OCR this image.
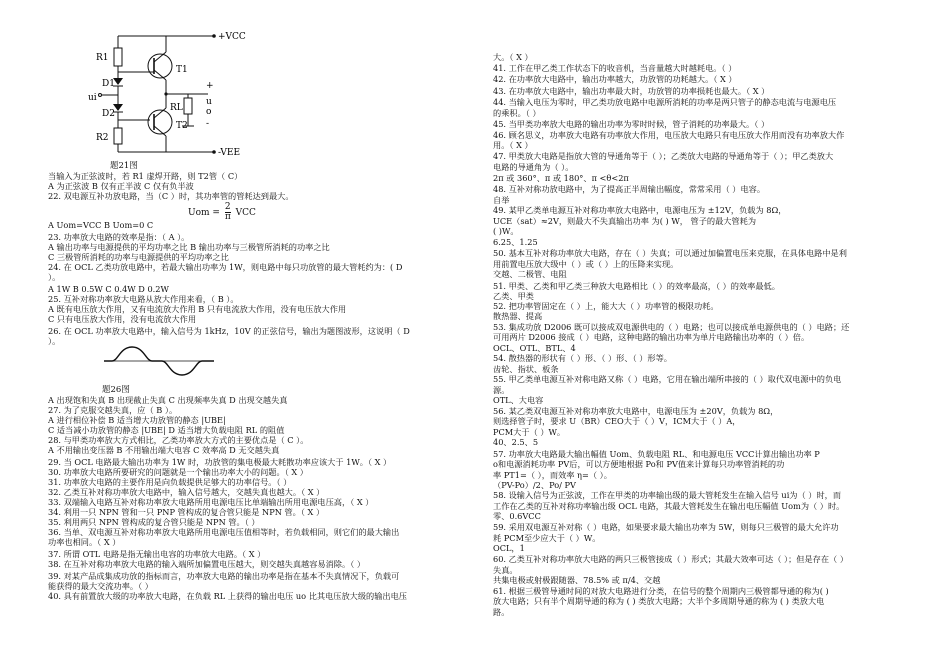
+VCC
-VEE
R1
R2
D1
D2
T1
T2
RL
ui
+
u
o
-
题21图
Uom = $\frac{2}{\pi}$ VCC
题26图
当输入为正弦波时，若 R1 虚焊开路，则 T2管（ C）
A 为正弦波 B 仅有正半波 C 仅有负半波
22. 双电源互补功放电路，当（C ）时，其功率管的管耗达到最大。
A Uom=VCC B Uom=0 C
23. 功率放大电路的效率是指：（ A ）。
A 输出功率与电源提供的平均功率之比 B 输出功率与三极管所消耗的功率之比
C 三极管所消耗的功率与电源提供的平均功率之比
24. 在 OCL 乙类功放电路中，若最大输出功率为 1W，则电路中每只功放管的最大管耗约为：( D
）。
A 1W B 0.5W C 0.4W D 0.2W
25. 互补对称功率放大电路从放大作用来看，（ B ）。
A 既有电压放大作用，又有电流放大作用 B 只有电流放大作用，没有电压放大作用
C 只有电压放大作用，没有电流放大作用
26. 在 OCL 功率放大电路中，输入信号为 1kHz，10V 的正弦信号，输出为题图波形，这说明（ D
）。
A 出现饱和失真 B 出现截止失真 C 出现频率失真 D 出现交越失真
27. 为了克服交越失真，应（ B ）。
A 进行相位补偿 B 适当增大功放管的静态 |UBE|
C 适当减小功放管的静态 |UBE| D 适当增大负载电阻 RL 的阻值
28. 与甲类功率放大方式相比，乙类功率放大方式的主要优点是（ C ）。
A 不用输出变压器 B 不用输出端大电容 C 效率高 D 无交越失真
29. 当 OCL 电路最大输出功率为 1W 时，功放管的集电极最大耗散功率应该大于 1W。（ X ）
30. 功率放大电路所要研究的问题就是一个输出功率大小的问题。（ X ）
31. 功率放大电路的主要作用是向负载提供足够大的功率信号。（ ）
32. 乙类互补对称功率放大电路中，输入信号越大，交越失真也越大。（ X ）
33. 双端输入电路互补对称功率放大电路所用电源电压比单端输出所用电源电压高，（ X ）
34. 利用一只 NPN 管和一只 PNP 管构成的复合管只能是 NPN 管。（ X ）
35. 利用两只 NPN 管构成的复合管只能是 NPN 管。（ ）
36. 当单、双电源互补对称功率放大电路所用电源电压值相等时，若负载相同，则它们的最大输出
功率也相同。（ X ）
37. 所谓 OTL 电路是指无输出电容的功率放大电路。（ X ）
38. 在互补对称功率放大电路的输入端所加偏置电压越大，则交越失真越容易消除。（ ）
39. 对某产品成集成功放的指标而言，功率放大电路的输出功率是指在基本不失真情况下，负载可
能获得的最大交流功率。（ ）
40. 具有前置放大级的功率放大电路，在负载 RL 上获得的输出电压 uo 比其电压放大级的输出电压
大。（ X ）
41. 工作在甲乙类工作状态下的收音机，当音量越大时越耗电。（ ）
42. 在功率放大电路中，输出功率越大，功放管的功耗越大。（ X ）
43. 在功率放大电路中，输出功率最大时，功放管的功率损耗也最大。（ X ）
44. 当输入电压为零时，甲乙类功放电路中电源所消耗的功率是两只管子的静态电流与电源电压
的乘积。（ ）
45. 当甲类功率放大电路的输出功率为零时时候，管子消耗的功率最大。（ ）
46. 顾名思义，功率放大电路有功率放大作用，电压放大电路只有电压放大作用而没有功率放大作
用。（ X ）
47. 甲类放大电路是指放大管的导通角等于（ ）；乙类放大电路的导通角等于（ ）；甲乙类放大
电路的导通角为（ ）。
2π 或 360°、π 或 180°、π <θ<2π
48. 互补对称功放电路中，为了提高正半周输出幅度，常常采用（ ）电容。
自举
49. 某甲乙类单电源互补对称功率放大电路中，电源电压为 ±12V，负载为 8Ω，
UCE（sat）≈2V，则最大不失真输出功率 为( ) W， 管子的最大管耗为
( )W。
6.25、1.25
50. 基本互补对称功率放大电路，存在（ ）失真；可以通过加偏置电压来克服，在具体电路中是利
用前置电压放大级中（ ）或（ ）上的压降来实现。
交越、二极管、电阻
51. 甲类、乙类和甲乙类三种放大电路相比（ ）的效率最高，（ ）的效率最低。
乙类、甲类
52. 把功率管固定在（ ）上，能大大（ ）功率管的极限功耗。
散热器、提高
53. 集成功放 D2006 既可以接成双电源供电的（ ）电路；也可以接成单电源供电的（ ）电路；还
可用两片 D2006 接成（ ）电路，这种电路的输出功率为单片电路输出功率的（ ）倍。
OCL、OTL、BTL、4
54. 散热器的形状有（ ）形、（ ）形、（ ）形等。
齿轮、指状、板条
55. 甲乙类单电源互补对称电路又称（ ）电路，它用在输出端所串接的（ ）取代双电源中的负电
源。
OTL、大电容
56. 某乙类双电源互补对称功率放大电路中，电源电压为 ±20V，负载为 8Ω，
则选择管子时，要求 U（BR）CEO大于（ ）V，ICM大于（ ）A，
PCM大于（ ）W。
40、2.5、5
57. 功率放大电路最大输出幅值 Uom、负载电阻 RL、和电源电压 VCC计算出输出功率 P
o和电源消耗功率 PV后，可以方便地根据 Po和 PV值来计算每只功率管消耗的功
率 PT1=（ ），而效率 η=（ ）。
（PV-Po）/2、Po/ PV
58. 设输入信号为正弦波，工作在甲类的功率输出级的最大管耗发生在输入信号 ui为（ ）时，而
工作在乙类的互补对称功率输出级 OCL 电路，其最大管耗发生在输出电压幅值 Uom为（ ）时。
零、0.6VCC
59. 采用双电源互补对称（ ）电路，如果要求最大输出功率为 5W，则每只三极管的最大允许功
耗 PCM至少应大于（ ）W。
OCL，1
60. 乙类互补对称功率放大电路的两只三极管接成（ ）形式；其最大效率可达（ ）；但是存在（ ）
失真。
共集电极或射极跟随器、78.5% 或 π/4、交越
61. 根据三极管导通时间的对放大电路进行分类，在信号的整个周期内三极管都导通的称为( )
放大电路；只有半个周期导通的称为 ( ) 类放大电路；大半个多周期导通的称为 ( ) 类放大电
路。
